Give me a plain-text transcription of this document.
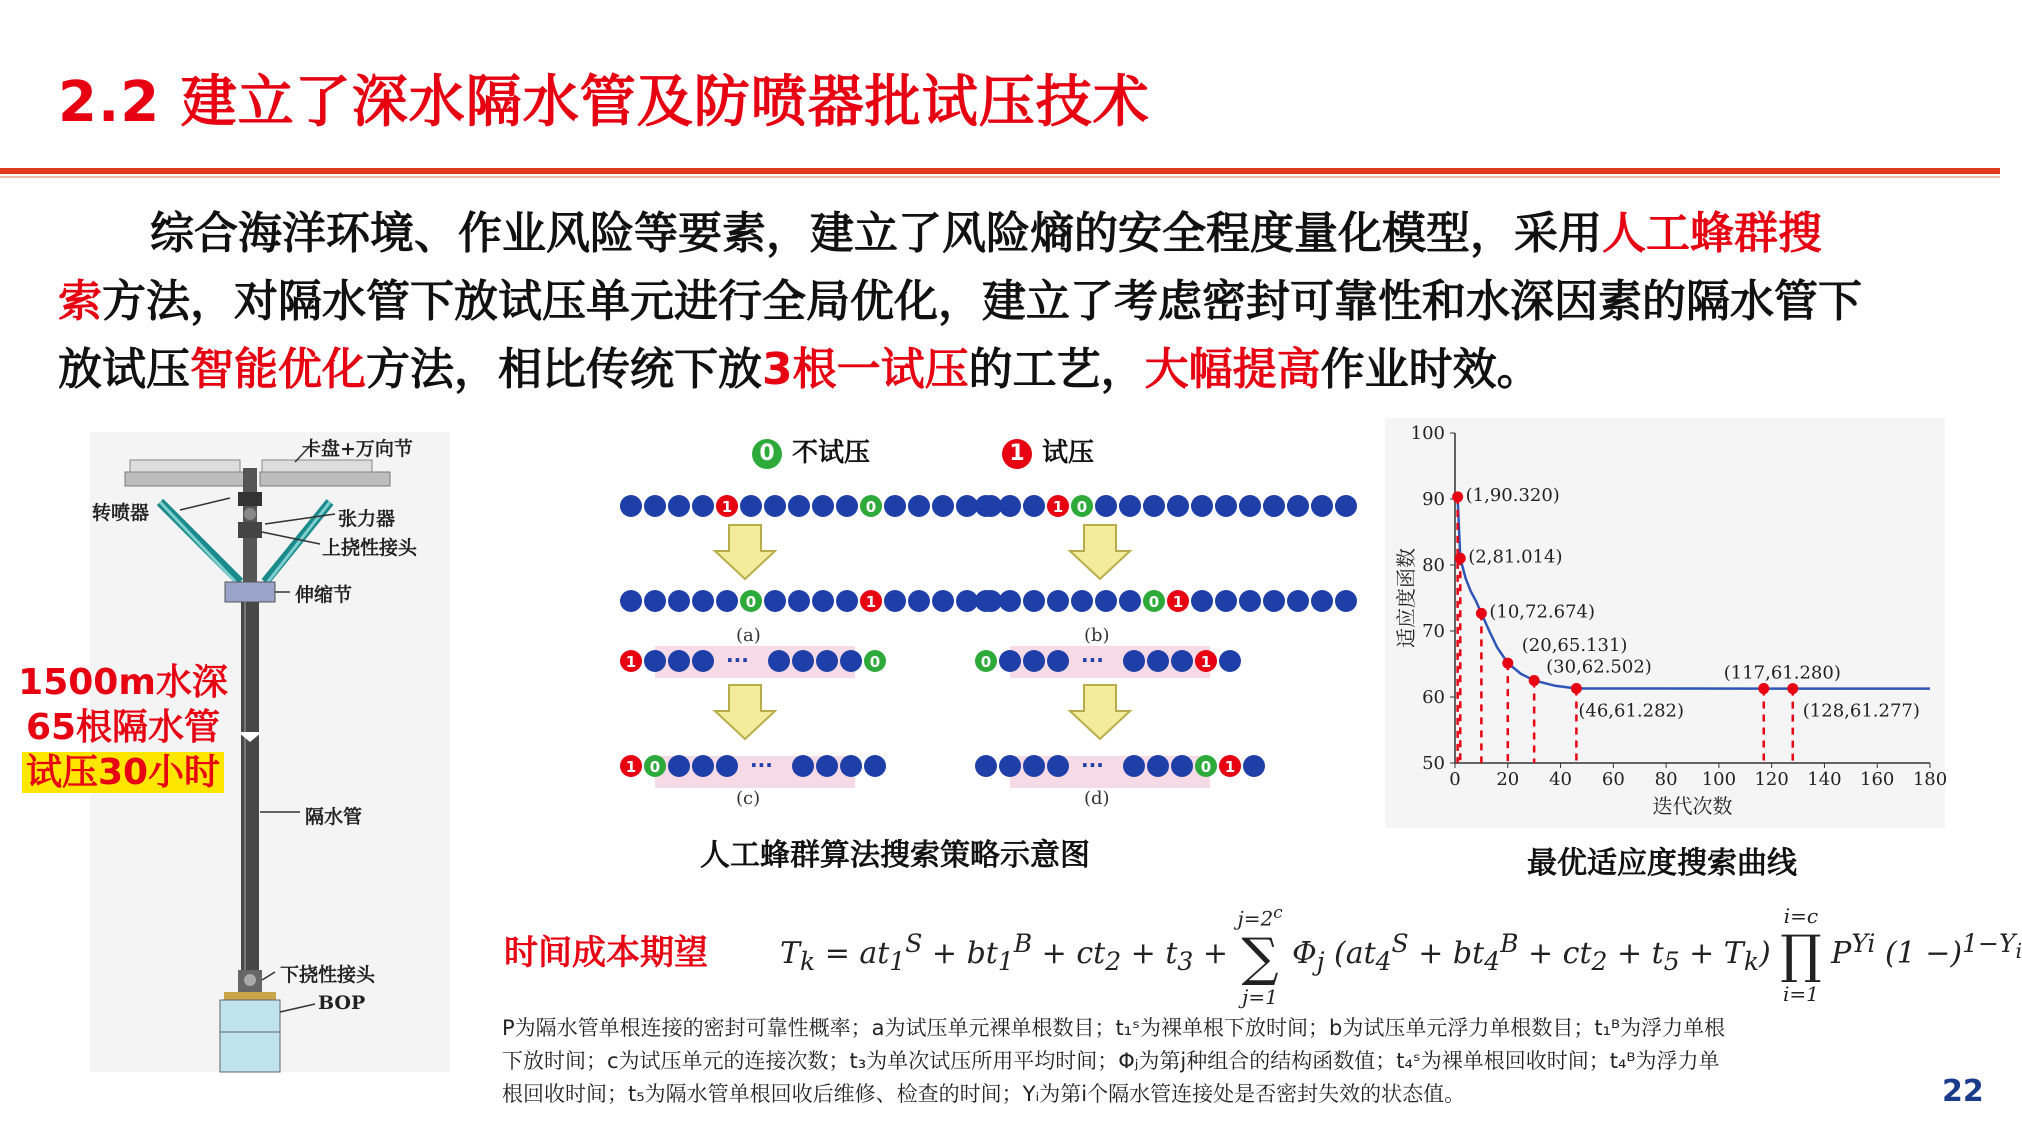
2.2 建立了深水隔水管及防喷器批试压技术
综合海洋环境、作业风险等要素，建立了风险熵的安全程度量化模型，采用人工蜂群搜
索方法，对隔水管下放试压单元进行全局优化，建立了考虑密封可靠性和水深因素的隔水管下
放试压智能优化方法，相比传统下放3根一试压的工艺，大幅提高作业时效。
卡盘+万向节
转喷器	张力器
上挠性接头
伸缩节
隔水管
下挠性接头
BOP
1500m水深
65根隔水管
试压30小时
0 不试压	1 试压
1	0	1 0
0	1	0 1
1	···	0	0	···	1
1 0	···	···	0 1
(a)	(b)
(c)	(d)
人工蜂群算法搜索策略示意图
0 20 40 60 80 100 120 140 160 180
50
60
70
80
90
100
迭代次数
适应度函数
(1,90.320)
(2,81.014)
(10,72.674)
(20,65.131)
(30,62.502)
(46,61.282)
(117,61.280)
(128,61.277)
最优适应度搜索曲线
时间成本期望 $T_k = at_1^S + bt_1^B + ct_2 + t_3 + j=2^c$
∑
j=1 $\Phi_j$ $(at_4^S + bt_4^B + ct_2 + t_5 + T_k)$ i=c
∏
i=1 $P^{Yi}$ $(1 -)^{1-Y_i}$
P为隔水管单根连接的密封可靠性概率；a为试压单元裸单根数目；t₁ˢ为裸单根下放时间；b为试压单元浮力单根数目；t₁ᴮ为浮力单根
下放时间；c为试压单元的连接次数；t₃为单次试压所用平均时间；Φⱼ为第j种组合的结构函数值；t₄ˢ为裸单根回收时间；t₄ᴮ为浮力单
根回收时间；t₅为隔水管单根回收后维修、检查的时间；Yᵢ为第i个隔水管连接处是否密封失效的状态值。	22
